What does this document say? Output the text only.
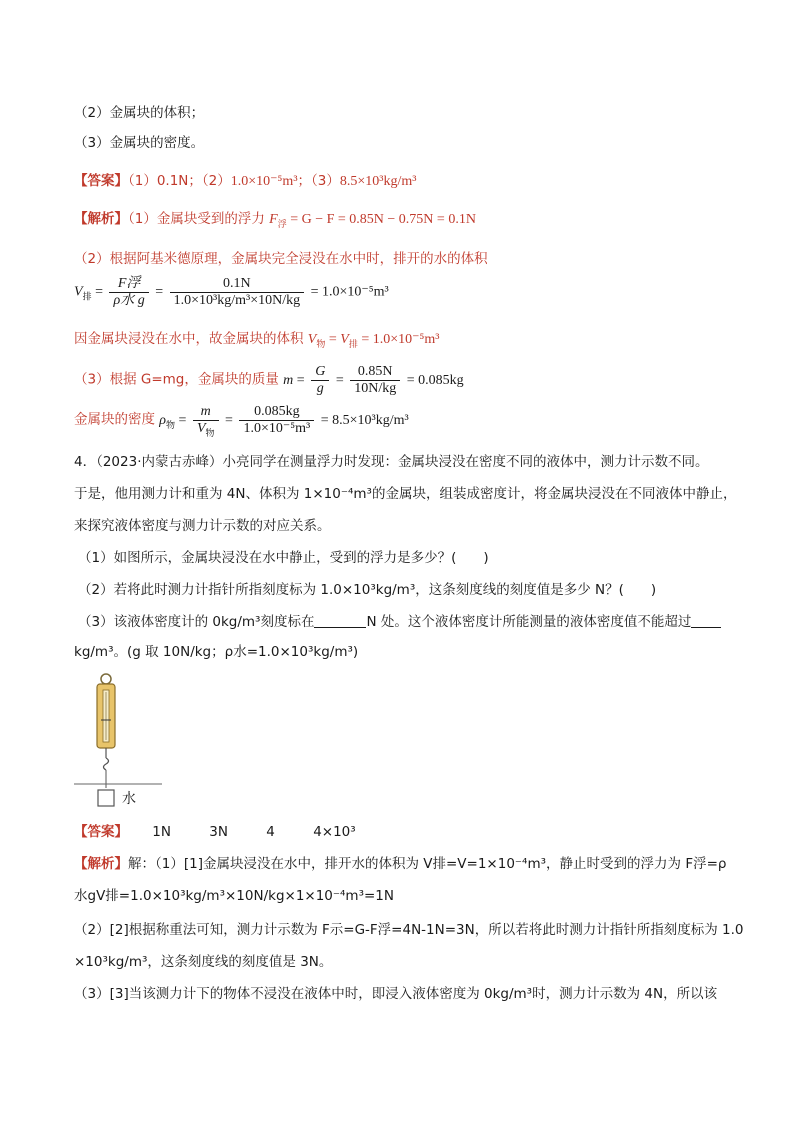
（2）金属块的体积；
（3）金属块的密度。
【答案】（1）0.1N；（2）1.0×10⁻⁵m³；（3）8.5×10³kg/m³
【解析】（1）金属块受到的浮力 $F_浮 = G - F = 0.85N - 0.75N = 0.1N$
（2）根据阿基米德原理，金属块完全浸没在水中时，排开的水的体积
$V_排 = \frac{\text{F浮}}{\text{ρ水 g}} = \frac{0.1N}{\text{1.0×10³kg/m³×10N/kg}} = 1.0\times 10^{-5}m^3$
因金属块浸没在水中，故金属块的体积 $V_物 = V_排 = 1.0\times 10^{-5}m^3$
（3）根据 G=mg，金属块的质量 $m = \frac{G}{g} = \frac{0.85N}{10N/kg} = 0.085kg$
金属块的密度 $\rho_物 = \frac{m}{V_物} = \frac{0.085kg}{\text{1.0×10⁻⁵m³}} = 8.5\times 10^3kg/m^3$
4．（2023·内蒙古赤峰）小亮同学在测量浮力时发现：金属块浸没在密度不同的液体中，测力计示数不同。
于是，他用测力计和重为 4N、体积为 1×10⁻⁴m³的金属块，组装成密度计，将金属块浸没在不同液体中静止，
来探究液体密度与测力计示数的对应关系。
（1）如图所示，金属块浸没在水中静止，受到的浮力是多少？(　　)
（2）若将此时测力计指针所指刻度标为 1.0×10³kg/m³，这条刻度线的刻度值是多少 N？(　　)
（3）该液体密度计的 0kg/m³刻度标在	N 处。这个液体密度计所能测量的液体密度值不能超过
kg/m³。(g 取 10N/kg；ρ水=1.0×10³kg/m³)
水
【答案】 1N	3N	4	4×10³
【解析】解：（1）[1]金属块浸没在水中，排开水的体积为 V排=V=1×10⁻⁴m³，静止时受到的浮力为 F浮=ρ
水gV排=1.0×10³kg/m³×10N/kg×1×10⁻⁴m³=1N
（2）[2]根据称重法可知，测力计示数为 F示=G-F浮=4N-1N=3N，所以若将此时测力计指针所指刻度标为 1.0
×10³kg/m³，这条刻度线的刻度值是 3N。
（3）[3]当该测力计下的物体不浸没在液体中时，即浸入液体密度为 0kg/m³时，测力计示数为 4N，所以该
